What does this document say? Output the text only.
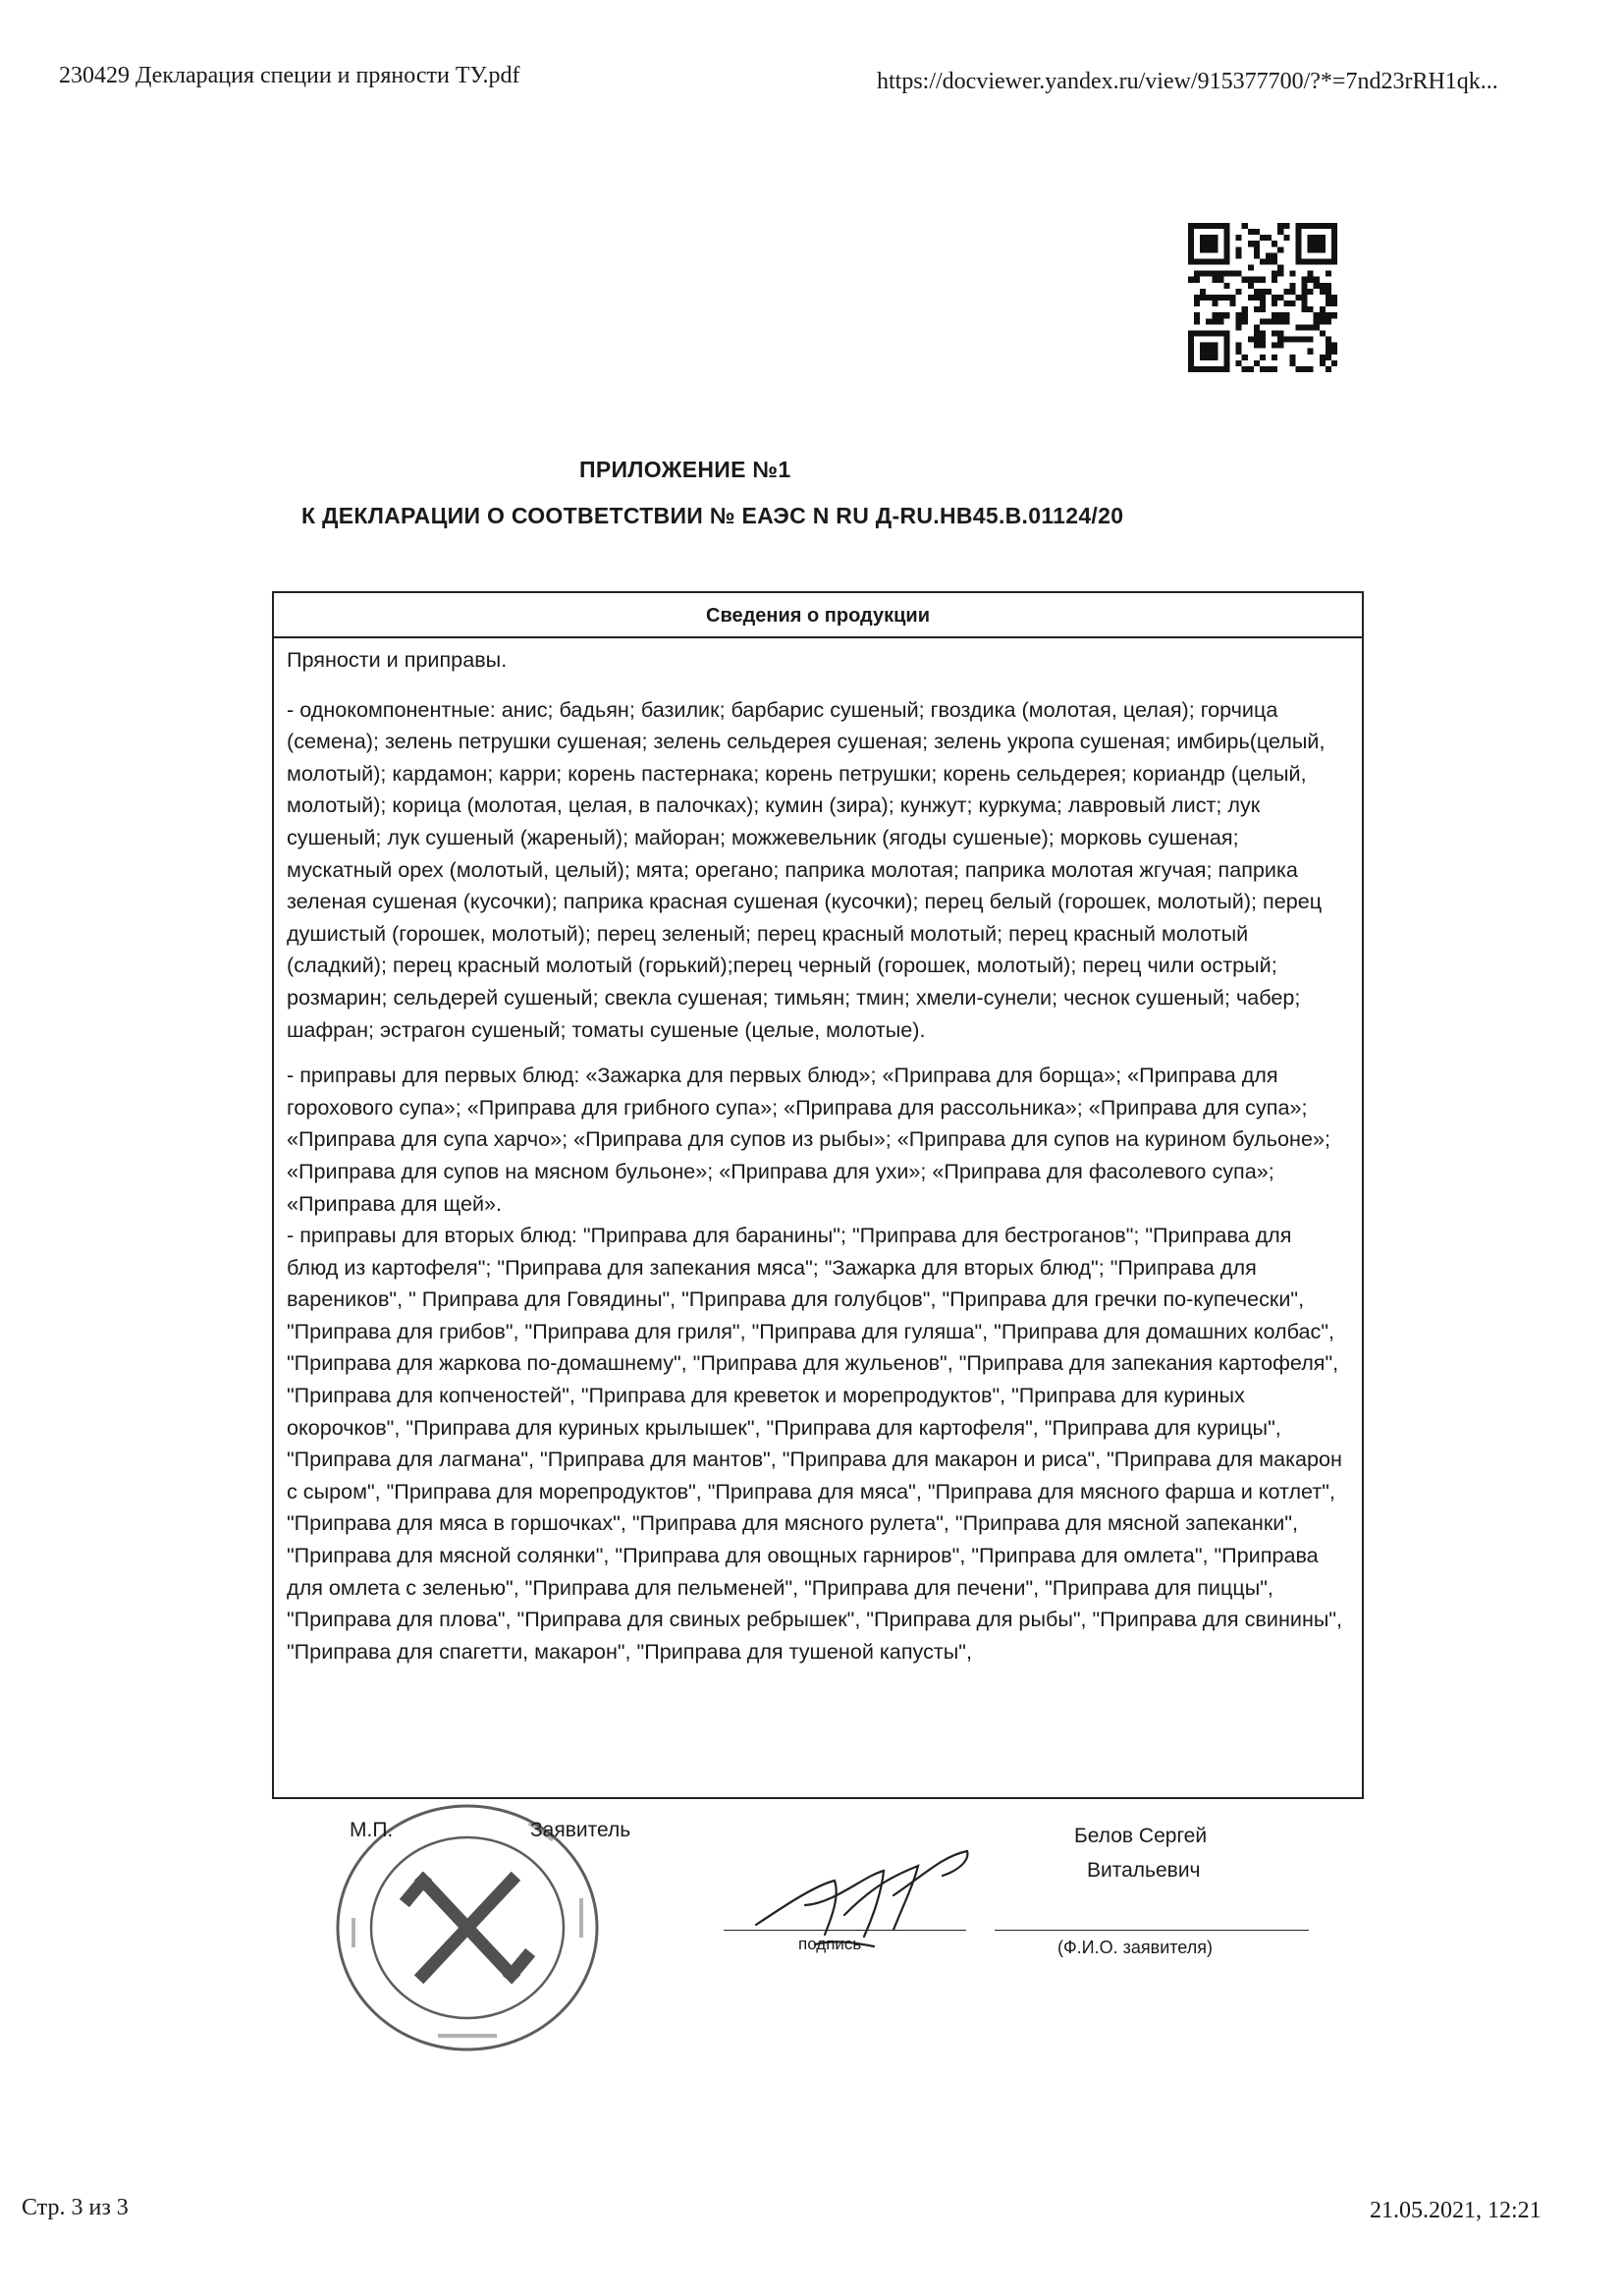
230429 Декларация специи и пряности ТУ.pdf	https://docviewer.yandex.ru/view/915377700/?*=7nd23rRH1qk...
Стр. 3 из 3	21.05.2021, 12:21
ПРИЛОЖЕНИЕ №1
К ДЕКЛАРАЦИИ О СООТВЕТСТВИИ № ЕАЭС N RU Д-RU.НВ45.В.01124/20
Сведения о продукции

Пряности и приправы.

- однокомпонентные: анис; бадьян; базилик; барбарис сушеный; гвоздика (молотая, целая); горчица (семена); зелень петрушки сушеная; зелень сельдерея сушеная; зелень укропа сушеная; имбирь(целый, молотый); кардамон; карри; корень пастернака; корень петрушки; корень сельдерея; кориандр (целый, молотый); корица (молотая, целая, в палочках); кумин (зира); кунжут; куркума; лавровый лист; лук сушеный; лук сушеный (жареный); майоран; можжевельник (ягоды сушеные); морковь сушеная; мускатный орех (молотый, целый); мята; орегано; паприка молотая; паприка молотая жгучая; паприка зеленая сушеная (кусочки); паприка красная сушеная (кусочки); перец белый (горошек, молотый); перец душистый (горошек, молотый); перец зеленый; перец красный молотый; перец красный молотый (сладкий); перец красный молотый (горький);перец черный (горошек, молотый); перец чили острый; розмарин; сельдерей сушеный; свекла сушеная; тимьян; тмин; хмели-сунели; чеснок сушеный; чабер; шафран; эстрагон сушеный; томаты сушеные (целые, молотые).

- приправы для первых блюд: «Зажарка для первых блюд»; «Приправа для борща»; «Приправа для горохового супа»; «Приправа для грибного супа»; «Приправа для рассольника»; «Приправа для супа»; «Приправа для супа харчо»; «Приправа для супов из рыбы»; «Приправа для супов на курином бульоне»; «Приправа для супов на мясном бульоне»; «Приправа для ухи»; «Приправа для фасолевого супа»; «Приправа для щей».

- приправы для вторых блюд: "Приправа для баранины"; "Приправа для бестроганов"; "Приправа для блюд из картофеля"; "Приправа для запекания мяса"; "Зажарка для вторых блюд"; "Приправа для вареников", " Приправа для Говядины", "Приправа для голубцов", "Приправа для гречки по-купечески", "Приправа для грибов", "Приправа для гриля", "Приправа для гуляша", "Приправа для домашних колбас", "Приправа для жаркова по-домашнему", "Приправа для жульенов", "Приправа для запекания картофеля", "Приправа для копченостей", "Приправа для креветок и морепродуктов", "Приправа для куриных окорочков", "Приправа для куриных крылышек", "Приправа для картофеля", "Приправа для курицы", "Приправа для лагмана", "Приправа для мантов", "Приправа для макарон и риса", "Приправа для макарон с сыром", "Приправа для морепродуктов", "Приправа для мяса", "Приправа для мясного фарша и котлет", "Приправа для мяса в горшочках", "Приправа для мясного рулета", "Приправа для мясной запеканки", "Приправа для мясной солянки", "Приправа для овощных гарниров", "Приправа для омлета", "Приправа для омлета с зеленью", "Приправа для пельменей", "Приправа для печени", "Приправа для пиццы", "Приправа для плова", "Приправа для свиных ребрышек", "Приправа для рыбы", "Приправа для свинины", "Приправа для спагетти, макарон", "Приправа для тушеной капусты",

М.П.	Заявитель	Белов Сергей
Витальевич
подпись	(Ф.И.О. заявителя)
